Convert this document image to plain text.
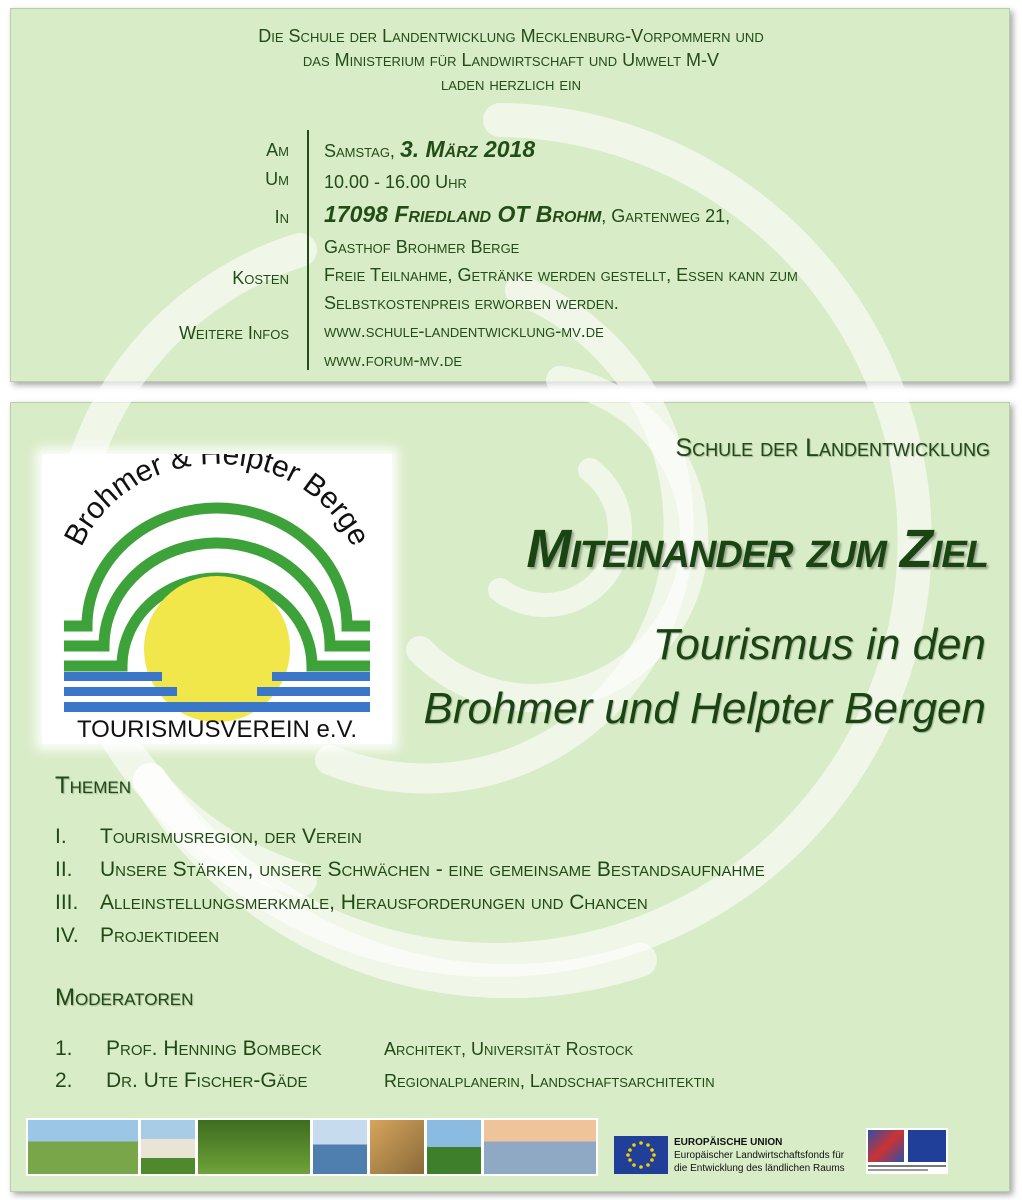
Die Schule der Landentwicklung Mecklenburg-Vorpommern und
das Ministerium für Landwirtschaft und Umwelt M-V
laden herzlich ein
Am Samstag, 3. März 2018
Um 10.00 - 16.00 Uhr
In 17098 Friedland OT Brohm, Gartenweg 21,
Gasthof Brohmer Berge
Kosten Freie Teilnahme, Getränke werden gestellt, Essen kann zum
Selbstkostenpreis erworben werden.
Weitere Infos www.schule-landentwicklung-mv.de
www.forum-mv.de
Schule der Landentwicklung
Miteinander zum Ziel
Tourismus in den
Brohmer und Helpter Bergen
Brohmer & Helpter Berge
TOURISMUSVEREIN e.V.
Themen
I. Tourismusregion, der Verein
II. Unsere Stärken, unsere Schwächen - eine gemeinsame Bestandsaufnahme
III. Alleinstellungsmerkmale, Herausforderungen und Chancen
IV. Projektideen
Moderatoren
1. Prof. Henning Bombeck	Architekt, Universität Rostock
2. Dr. Ute Fischer-Gäde	Regionalplanerin, Landschaftsarchitektin
EUROPÄISCHE UNION
Europäischer Landwirtschaftsfonds für
die Entwicklung des ländlichen Raums
